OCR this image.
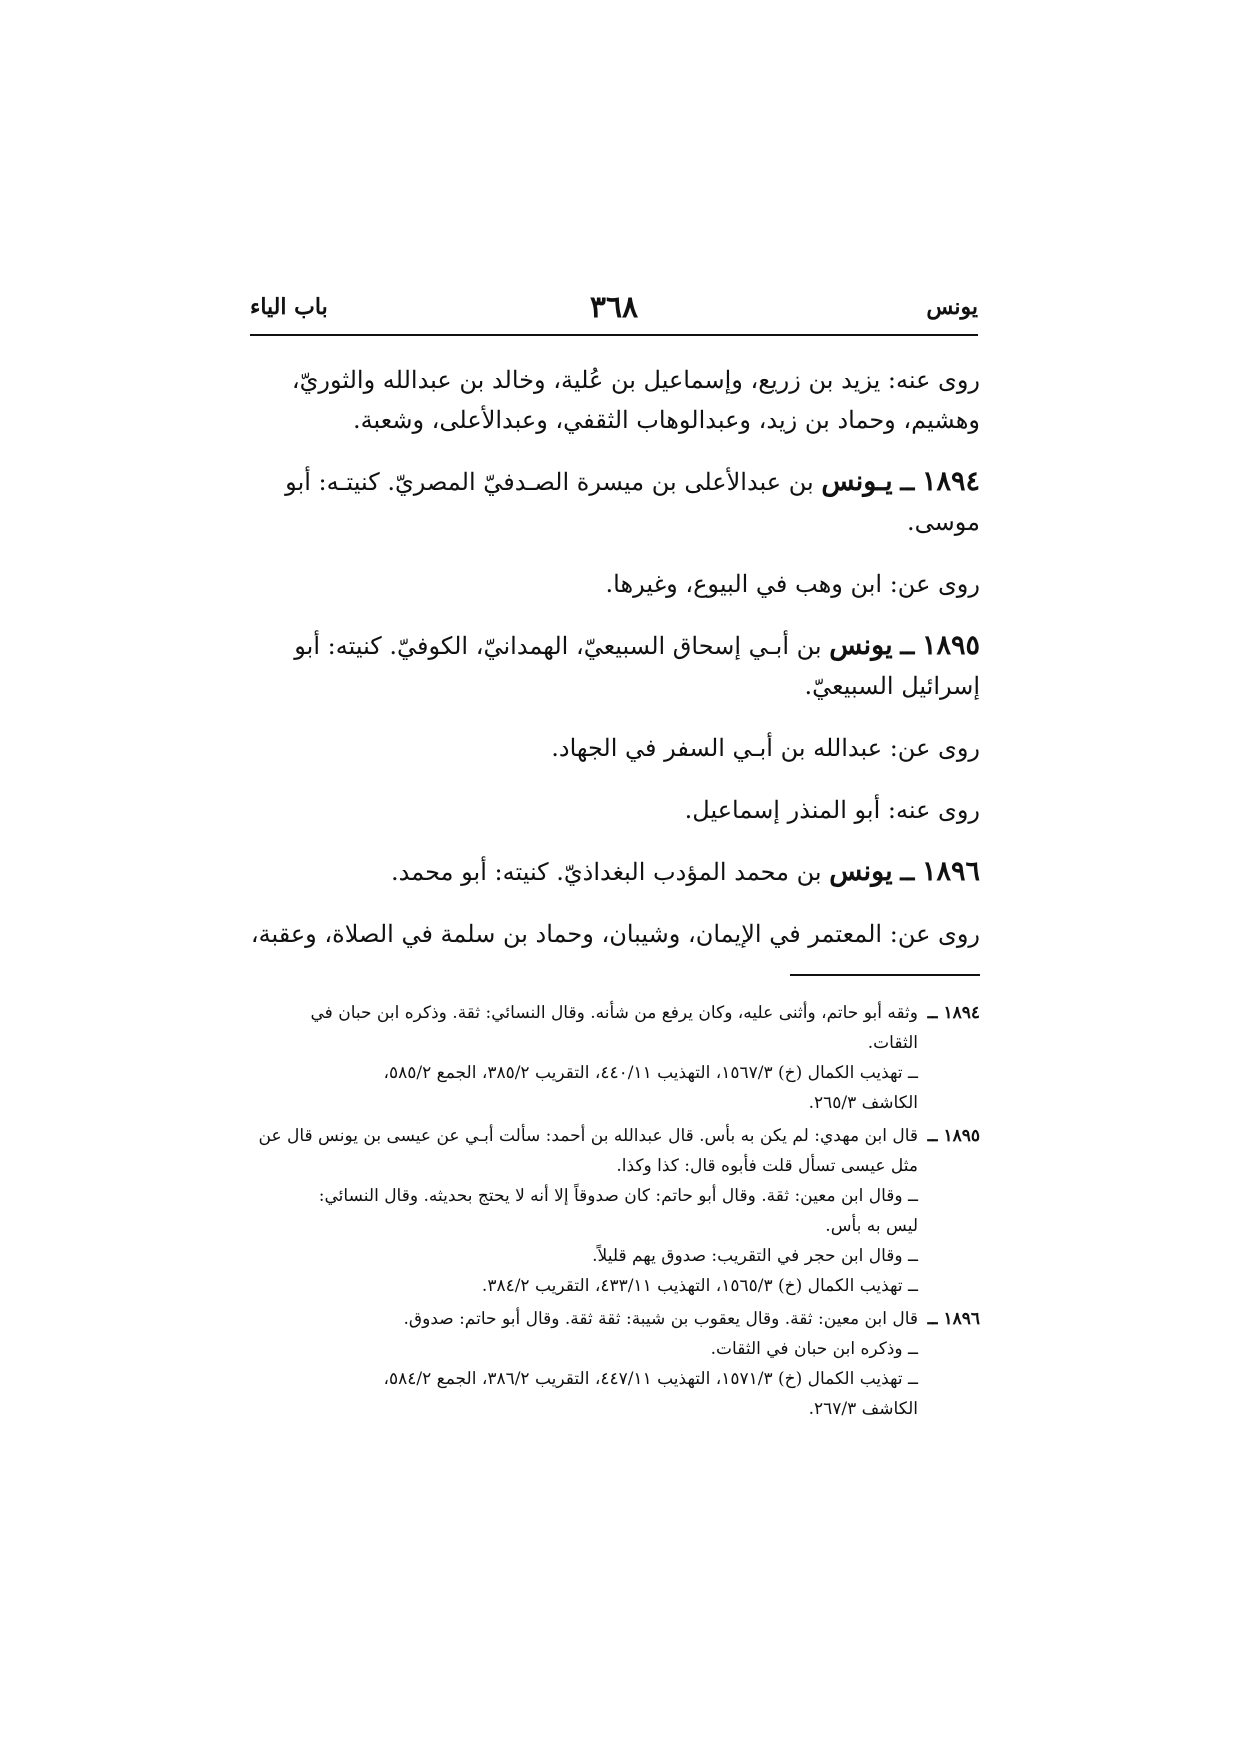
يونس
٣٦٨
باب الياء

روى عنه: يزيد بن زريع، وإسماعيل بن عُلية، وخالد بن عبدالله والثوريّ، وهشيم، وحماد بن زيد، وعبدالوهاب الثقفي، وعبدالأعلى، وشعبة.

١٨٩٤ ــ يـونس بن عبدالأعلى بن ميسرة الصـدفيّ المصريّ. كنيتـه: أبو موسى.

روى عن: ابن وهب في البيوع، وغيرها.

١٨٩٥ ــ يونس بن أبـي إسحاق السبيعيّ، الهمدانيّ، الكوفيّ. كنيته: أبو إسرائيل السبيعيّ.

روى عن: عبدالله بن أبـي السفر في الجهاد.

روى عنه: أبو المنذر إسماعيل.

١٨٩٦ ــ يونس بن محمد المؤدب البغداذيّ. كنيته: أبو محمد.

روى عن: المعتمر في الإيمان، وشيبان، وحماد بن سلمة في الصلاة، وعقبة،

١٨٩٤ ــ

وثقه أبو حاتم، وأثنى عليه، وكان يرفع من شأنه. وقال النسائي: ثقة. وذكره ابن حبان في

الثقات.

ــ تهذيب الكمال (خ) ١٥٦٧/٣، التهذيب ٤٤٠/١١، التقريب ٣٨٥/٢، الجمع ٥٨٥/٢،

الكاشف ٢٦٥/٣.

١٨٩٥ ــ

قال ابن مهدي: لم يكن به بأس. قال عبدالله بن أحمد: سألت أبـي عن عيسى بن يونس قال عن

مثل عيسى تسأل قلت فأبوه قال: كذا وكذا.

ــ وقال ابن معين: ثقة. وقال أبو حاتم: كان صدوقاً إلا أنه لا يحتج بحديثه. وقال النسائي:

ليس به بأس.

ــ وقال ابن حجر في التقريب: صدوق يهم قليلاً.

ــ تهذيب الكمال (خ) ١٥٦٥/٣، التهذيب ٤٣٣/١١، التقريب ٣٨٤/٢.

١٨٩٦ ــ

قال ابن معين: ثقة. وقال يعقوب بن شيبة: ثقة ثقة. وقال أبو حاتم: صدوق.

ــ وذكره ابن حبان في الثقات.

ــ تهذيب الكمال (خ) ١٥٧١/٣، التهذيب ٤٤٧/١١، التقريب ٣٨٦/٢، الجمع ٥٨٤/٢،

الكاشف ٢٦٧/٣.
